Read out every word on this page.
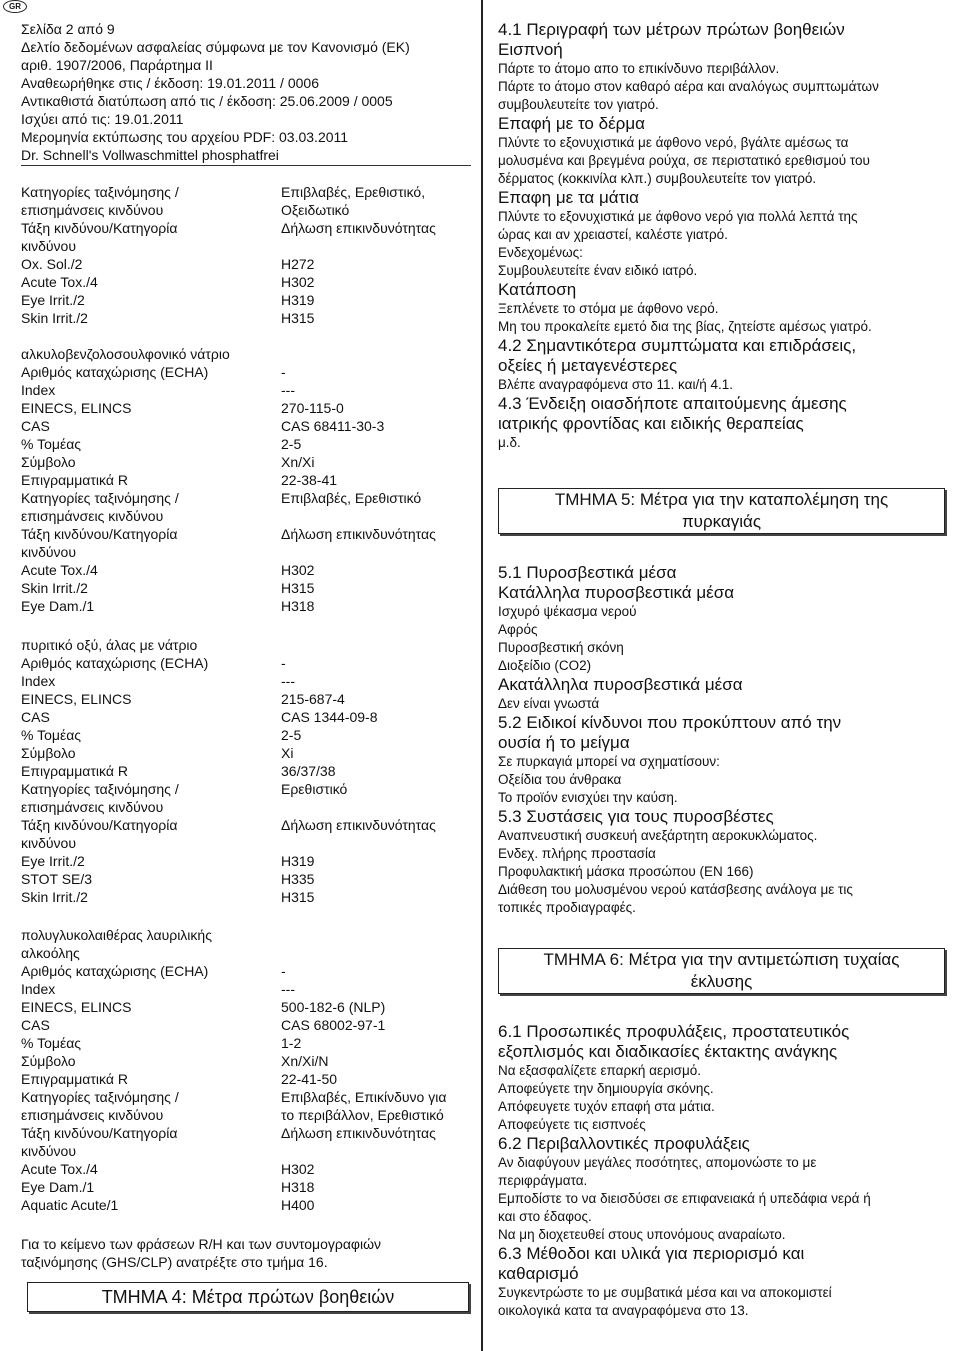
GR
Σελίδα 2 από 9
Δελτίο δεδομένων ασφαλείας σύμφωνα με τον Κανονισμό (ΕΚ)
αριθ. 1907/2006, Παράρτημα ΙΙ
Αναθεωρήθηκε στις / έκδοση: 19.01.2011 / 0006
Αντικαθιστά διατύπωση από τις / έκδοση: 25.06.2009 / 0005
Ισχύει από τις: 19.01.2011
Μερομηνία εκτύπωσης του αρχείου PDF: 03.03.2011
Dr. Schnell's Vollwaschmittel phosphatfrei
Κατηγορίες ταξινόμησης /	Επιβλαβές, Ερεθιστικό,
επισημάνσεις κινδύνου	Οξειδωτικό
Τάξη κινδύνου/Κατηγορία	Δήλωση επικινδυνότητας
κινδύνου
Ox. Sol./2	H272
Acute Tox./4	H302
Eye Irrit./2	H319
Skin Irrit./2	H315
αλκυλοβενζολοσουλφονικό νάτριο
Αριθμός καταχώρισης (ECHA)	-
Index	---
EINECS, ELINCS	270-115-0
CAS	CAS 68411-30-3
% Τομέας	2-5
Σύμβολο	Xn/Xi
Επιγραμματικά R	22-38-41
Κατηγορίες ταξινόμησης /	Επιβλαβές, Ερεθιστικό
επισημάνσεις κινδύνου
Τάξη κινδύνου/Κατηγορία	Δήλωση επικινδυνότητας
κινδύνου
Acute Tox./4	H302
Skin Irrit./2	H315
Eye Dam./1	H318
πυριτικό οξύ, άλας με νάτριο
Αριθμός καταχώρισης (ECHA)	-
Index	---
EINECS, ELINCS	215-687-4
CAS	CAS 1344-09-8
% Τομέας	2-5
Σύμβολο	Xi
Επιγραμματικά R	36/37/38
Κατηγορίες ταξινόμησης /	Ερεθιστικό
επισημάνσεις κινδύνου
Τάξη κινδύνου/Κατηγορία	Δήλωση επικινδυνότητας
κινδύνου
Eye Irrit./2	H319
STOT SE/3	H335
Skin Irrit./2	H315
πολυγλυκολαιθέρας λαυριλικής
αλκοόλης
Αριθμός καταχώρισης (ECHA)	-
Index	---
EINECS, ELINCS	500-182-6 (NLP)
CAS	CAS 68002-97-1
% Τομέας	1-2
Σύμβολο	Xn/Xi/N
Επιγραμματικά R	22-41-50
Κατηγορίες ταξινόμησης /	Επιβλαβές, Επικίνδυνο για
επισημάνσεις κινδύνου	το περιβάλλον, Ερεθιστικό
Τάξη κινδύνου/Κατηγορία	Δήλωση επικινδυνότητας
κινδύνου
Acute Tox./4	H302
Eye Dam./1	H318
Aquatic Acute/1	H400
Για το κείμενο των φράσεων R/H και των συντομογραφιών
ταξινόμησης (GHS/CLP) ανατρέξτε στο τμήμα 16.
ΤΜΗΜΑ 4: Μέτρα πρώτων βοηθειών
4.1 Περιγραφή των μέτρων πρώτων βοηθειών
Εισπνοή
Πάρτε το άτομο απο το επικίνδυνο περιβάλλον.
Πάρτε το άτομο στον καθαρό αέρα και αναλόγως συμπτωμάτων
συμβουλευτείτε τον γιατρό.
Επαφή με το δέρμα
Πλύντε το εξονυχιστικά με άφθονο νερό, βγάλτε αμέσως τα
μολυσμένα και βρεγμένα ρούχα, σε περιστατικό ερεθισμού του
δέρματος (κοκκινίλα κλπ.) συμβουλευτείτε τον γιατρό.
Επαφη με τα μάτια
Πλύντε το εξονυχιστικά με άφθονο νερό για πολλά λεπτά της
ώρας και αν χρειαστεί, καλέστε γιατρό.
Ενδεχομένως:
Συμβουλευτείτε έναν ειδικό ιατρό.
Κατάποση
Ξεπλένετε το στόμα με άφθονο νερό.
Μη του προκαλείτε εμετό δια της βίας, ζητείστε αμέσως γιατρό.
4.2 Σημαντικότερα συμπτώματα και επιδράσεις,
οξείες ή μεταγενέστερες
Βλέπε αναγραφόμενα στο 11. και/ή 4.1.
4.3 Ένδειξη οιασδήποτε απαιτούμενης άμεσης
ιατρικής φροντίδας και ειδικής θεραπείας
μ.δ.
ΤΜΗΜΑ 5: Μέτρα για την καταπολέμηση της
πυρκαγιάς
5.1 Πυροσβεστικά μέσα
Κατάλληλα πυροσβεστικά μέσα
Ισχυρό ψέκασμα νερού
Αφρός
Πυροσβεστική σκόνη
Διοξείδιο (CO2)
Ακατάλληλα πυροσβεστικά μέσα
Δεν είναι γνωστά
5.2 Ειδικοί κίνδυνοι που προκύπτουν από την
ουσία ή το μείγμα
Σε πυρκαγιά μπορεί να σχηματίσουν:
Οξείδια του άνθρακα
Το προϊόν ενισχύει την καύση.
5.3 Συστάσεις για τους πυροσβέστες
Αναπνευστική συσκευή ανεξάρτητη αεροκυκλώματος.
Ενδεχ. πλήρης προστασία
Προφυλακτική μάσκα προσώπου (EN 166)
Διάθεση του μολυσμένου νερού κατάσβεσης ανάλογα με τις
τοπικές προδιαγραφές.
ΤΜΗΜΑ 6: Μέτρα για την αντιμετώπιση τυχαίας
έκλυσης
6.1 Προσωπικές προφυλάξεις, προστατευτικός
εξοπλισμός και διαδικασίες έκτακτης ανάγκης
Να εξασφαλίζετε επαρκή αερισμό.
Αποφεύγετε την δημιουργία σκόνης.
Απόφευγετε τυχόν επαφή στα μάτια.
Αποφεύγετε τις εισπνοές
6.2 Περιβαλλοντικές προφυλάξεις
Αν διαφύγουν μεγάλες ποσότητες, απομονώστε το με
περιφράγματα.
Εμποδίστε το να διεισδύσει σε επιφανειακά ή υπεδάφια νερά ή
και στο έδαφος.
Να μη διοχετευθεί στους υπονόμους αναραίωτο.
6.3 Μέθοδοι και υλικά για περιορισμό και
καθαρισμό
Συγκεντρώστε το με συμβατικά μέσα και να αποκομιστεί
οικολογικά κατα τα αναγραφόμενα στο 13.
